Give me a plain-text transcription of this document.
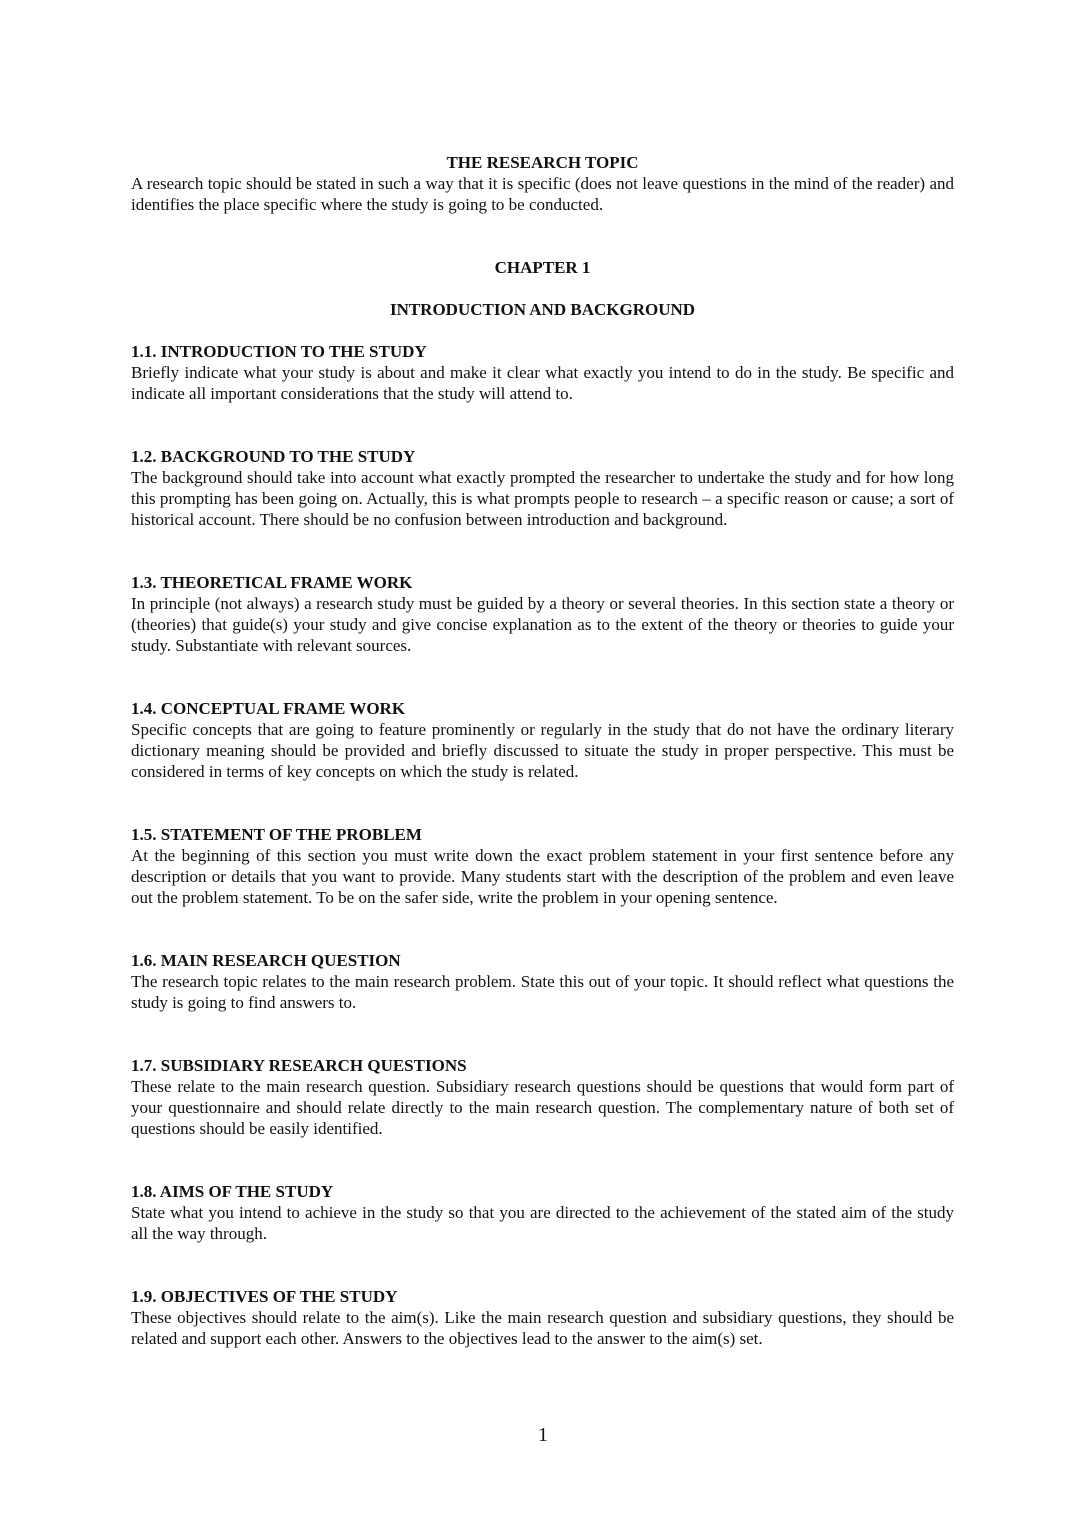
THE RESEARCH TOPIC

A research topic should be stated in such a way that it is specific (does not leave questions in the mind of the reader) and identifies the place specific where the study is going to be conducted.

CHAPTER 1

INTRODUCTION AND BACKGROUND

1.1. INTRODUCTION TO THE STUDY

Briefly indicate what your study is about and make it clear what exactly you intend to do in the study. Be specific and indicate all important considerations that the study will attend to.

1.2. BACKGROUND TO THE STUDY

The background should take into account what exactly prompted the researcher to undertake the study and for how long this prompting has been going on. Actually, this is what prompts people to research – a specific reason or cause; a sort of historical account. There should be no confusion between introduction and background.

1.3. THEORETICAL FRAME WORK

In principle (not always) a research study must be guided by a theory or several theories. In this section state a theory or (theories) that guide(s) your study and give concise explanation as to the extent of the theory or theories to guide your study. Substantiate with relevant sources.

1.4. CONCEPTUAL FRAME WORK

Specific concepts that are going to feature prominently or regularly in the study that do not have the ordinary literary dictionary meaning should be provided and briefly discussed to situate the study in proper perspective. This must be considered in terms of key concepts on which the study is related.

1.5. STATEMENT OF THE PROBLEM

At the beginning of this section you must write down the exact problem statement in your first sentence before any description or details that you want to provide. Many students start with the description of the problem and even leave out the problem statement. To be on the safer side, write the problem in your opening sentence.

1.6. MAIN RESEARCH QUESTION

The research topic relates to the main research problem. State this out of your topic. It should reflect what questions the study is going to find answers to.

1.7. SUBSIDIARY RESEARCH QUESTIONS

These relate to the main research question. Subsidiary research questions should be questions that would form part of your questionnaire and should relate directly to the main research question. The complementary nature of both set of questions should be easily identified.

1.8. AIMS OF THE STUDY

State what you intend to achieve in the study so that you are directed to the achievement of the stated aim of the study all the way through.

1.9. OBJECTIVES OF THE STUDY

These objectives should relate to the aim(s). Like the main research question and subsidiary questions, they should be related and support each other. Answers to the objectives lead to the answer to the aim(s) set.

1
